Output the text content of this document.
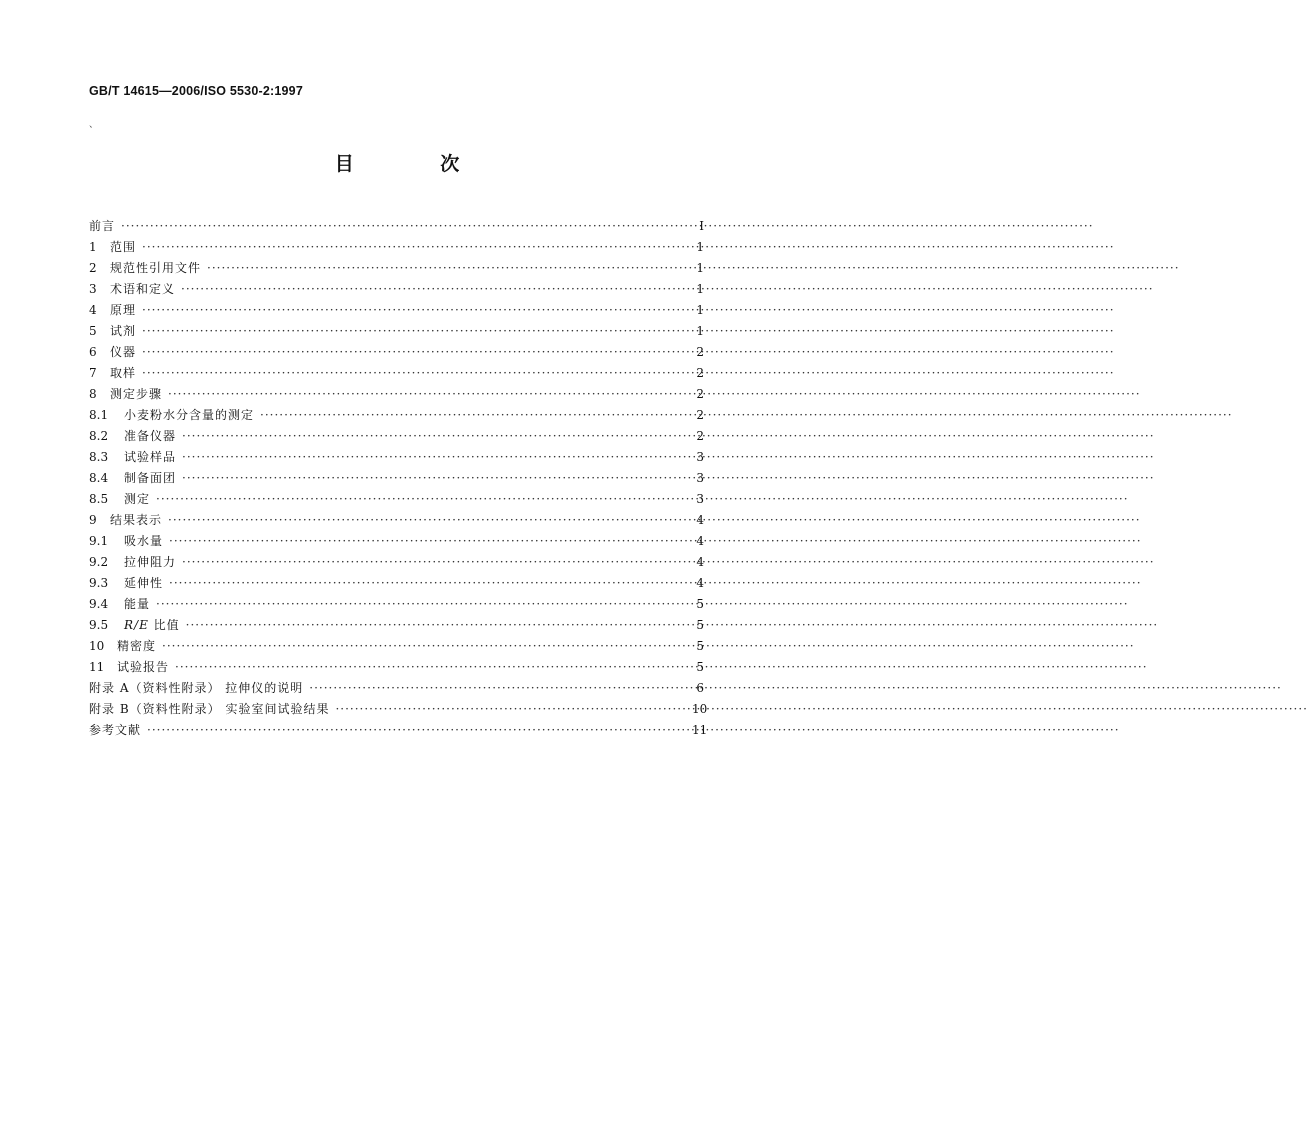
GB/T 14615—2006/ISO 5530-2:1997
、
目 次
前言 ·····	I
1	范围 ·····	1
2	规范性引用文件 ·····	1
3	术语和定义 ·····	1
4	原理 ·····	1
5	试剂 ·····	1
6	仪器 ·····	2
7	取样 ·····	2
8	测定步骤 ·····	2
8.1	小麦粉水分含量的测定 ·····	2
8.2	准备仪器 ·····	2
8.3	试验样品 ·····	3
8.4	制备面团 ·····	3
8.5	测定 ·····	3
9	结果表示 ·····	4
9.1	吸水量 ·····	4
9.2	拉伸阻力 ·····	4
9.3	延伸性 ·····	4
9.4	能量 ·····	5
9.5	R/E 比值 ·····	5
10	精密度 ·····	5
11	试验报告 ·····	5
附录 A（资料性附录） 拉伸仪的说明 ·····	6
附录 B（资料性附录） 实验室间试验结果 ·····	10
参考文献 ·····	11
